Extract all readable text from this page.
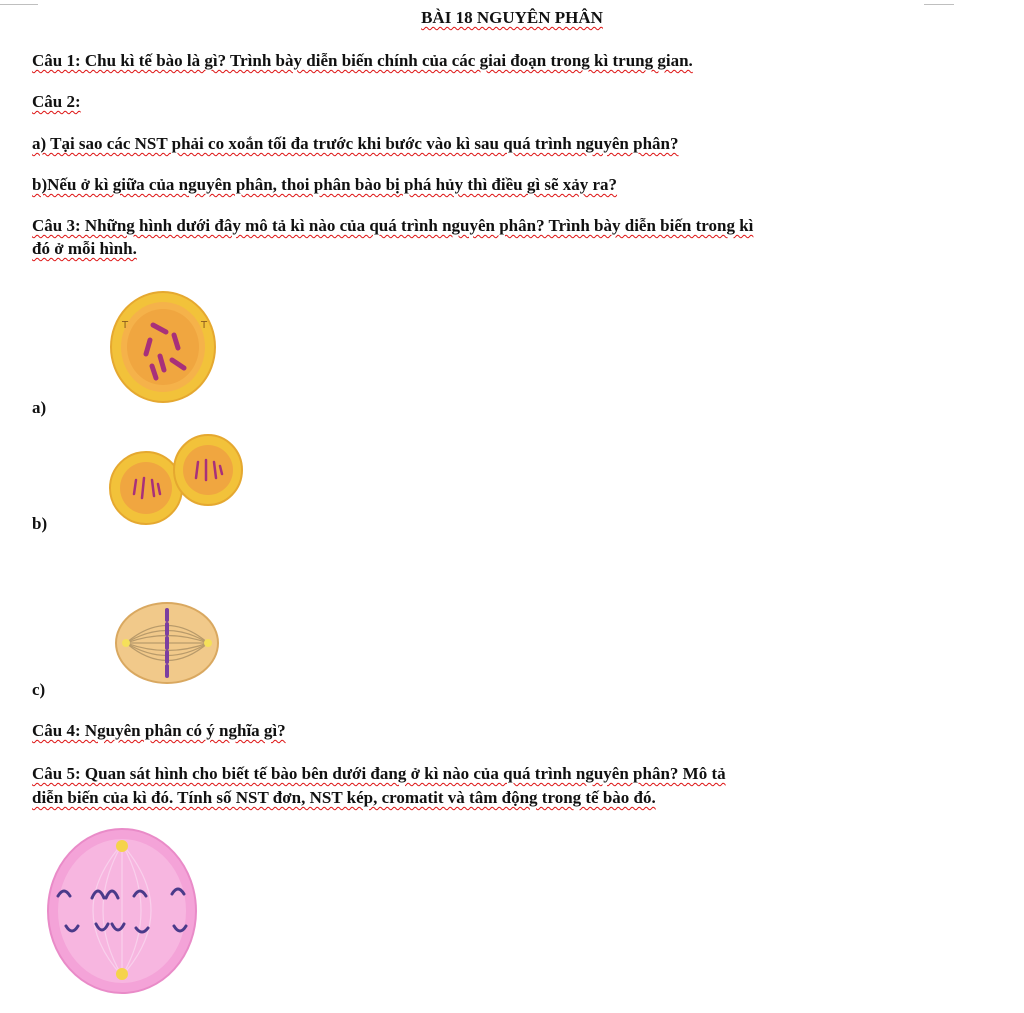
BÀI 18 NGUYÊN PHÂN
Câu 1: Chu kì tế bào là gì? Trình bày diễn biến chính của các giai đoạn trong kì trung gian.
Câu 2:
a) Tại sao các NST phải co xoắn tối đa trước khi bước vào kì sau quá trình nguyên phân?
b)Nếu ở kì giữa của nguyên phân, thoi phân bào bị phá hủy thì điều gì sẽ xảy ra?
Câu 3: Những hình dưới đây mô tả kì nào của quá trình nguyên phân? Trình bày diễn biến trong kì
đó ở mỗi hình.
T	T
a)
b)
c)
Câu 4: Nguyên phân có ý nghĩa gì?
Câu 5: Quan sát hình cho biết tế bào bên dưới đang ở kì nào của quá trình nguyên phân? Mô tả
diễn biến của kì đó. Tính số NST đơn, NST kép, cromatit và tâm động trong tế bào đó.
